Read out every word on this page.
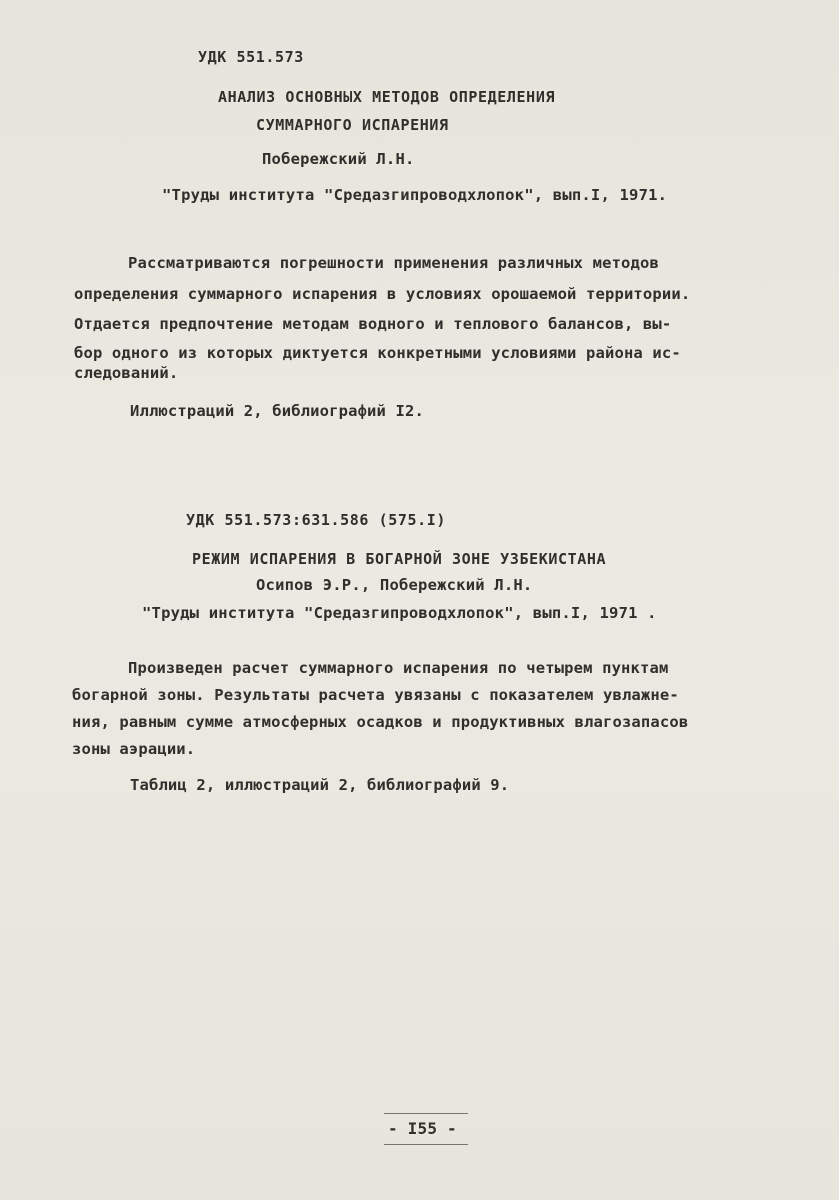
УДК 551.573
АНАЛИЗ ОСНОВНЫХ МЕТОДОВ ОПРЕДЕЛЕНИЯ
СУММАРНОГО ИСПАРЕНИЯ
Побережский Л.Н.
"Труды института "Средазгипроводхлопок", вып.I, 1971.
Рассматриваются погрешности применения различных методов
определения суммарного испарения в условиях орошаемой территории.
Отдается предпочтение методам водного и теплового балансов, вы-
бор одного из которых диктуется конкретными условиями района ис-
следований.
Иллюстраций 2, библиографий I2.
УДК 551.573:631.586 (575.I)
РЕЖИМ ИСПАРЕНИЯ В БОГАРНОЙ ЗОНЕ УЗБЕКИСТАНА
Осипов Э.Р., Побережский Л.Н.
"Труды института "Средазгипроводхлопок", вып.I, 1971 .
Произведен расчет суммарного испарения по четырем пунктам
богарной зоны. Результаты расчета увязаны с показателем увлажне-
ния, равным сумме атмосферных осадков и продуктивных влагозапасов
зоны аэрации.
Таблиц 2, иллюстраций 2, библиографий 9.
- I55 -
